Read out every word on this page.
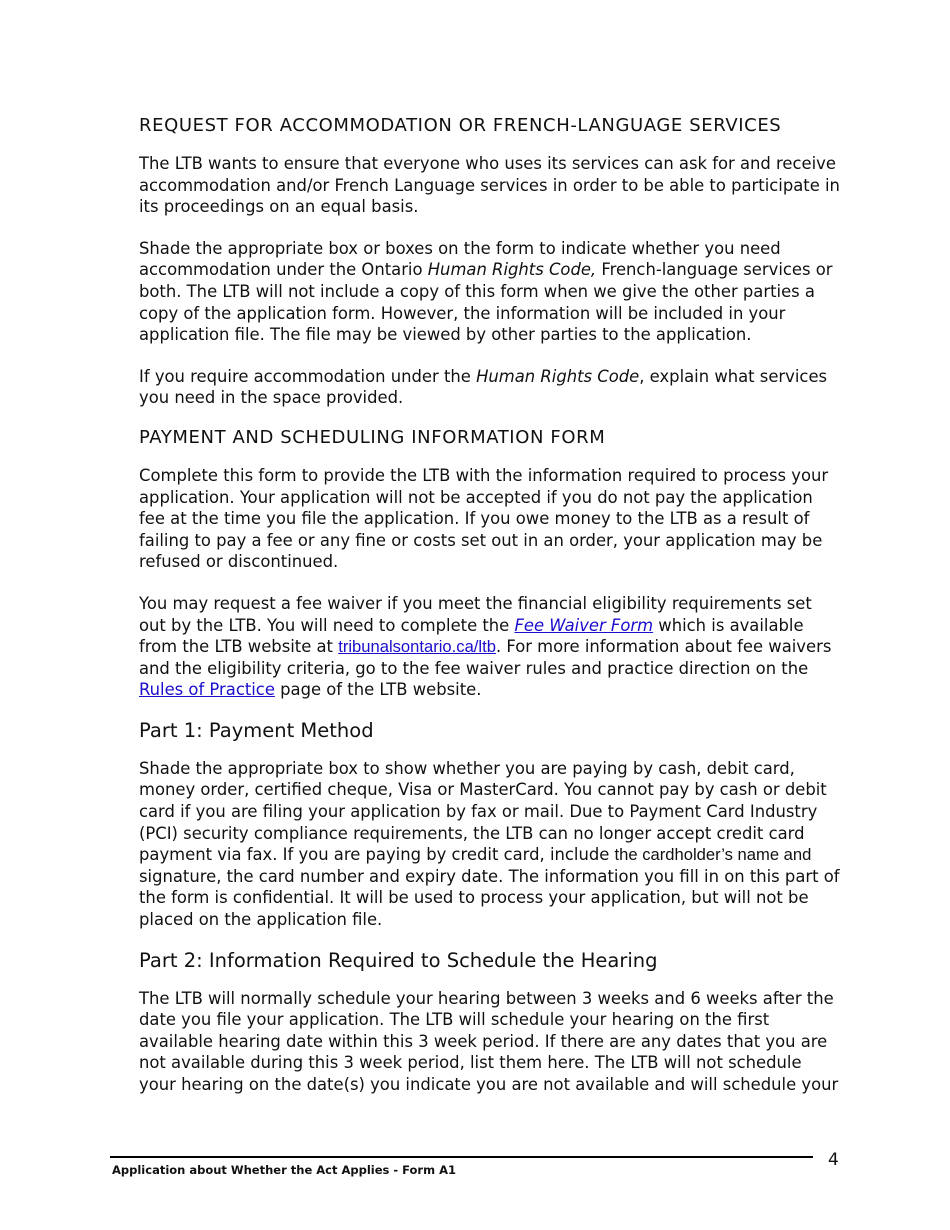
REQUEST FOR ACCOMMODATION OR FRENCH-LANGUAGE SERVICES

The LTB wants to ensure that everyone who uses its services can ask for and receive accommodation and/or French Language services in order to be able to participate in its proceedings on an equal basis.

Shade the appropriate box or boxes on the form to indicate whether you need accommodation under the Ontario Human Rights Code, French-language services or both. The LTB will not include a copy of this form when we give the other parties a copy of the application form. However, the information will be included in your application file. The file may be viewed by other parties to the application.

If you require accommodation under the Human Rights Code, explain what services you need in the space provided.

PAYMENT AND SCHEDULING INFORMATION FORM

Complete this form to provide the LTB with the information required to process your application. Your application will not be accepted if you do not pay the application fee at the time you file the application. If you owe money to the LTB as a result of failing to pay a fee or any fine or costs set out in an order, your application may be refused or discontinued.

You may request a fee waiver if you meet the financial eligibility requirements set out by the LTB. You will need to complete the Fee Waiver Form which is available from the LTB website at tribunalsontario.ca/ltb. For more information about fee waivers and the eligibility criteria, go to the fee waiver rules and practice direction on the Rules of Practice page of the LTB website.

Part 1: Payment Method

Shade the appropriate box to show whether you are paying by cash, debit card, money order, certified cheque, Visa or MasterCard. You cannot pay by cash or debit card if you are filing your application by fax or mail. Due to Payment Card Industry (PCI) security compliance requirements, the LTB can no longer accept credit card payment via fax. If you are paying by credit card, include the cardholder’s name and signature, the card number and expiry date. The information you fill in on this part of the form is confidential. It will be used to process your application, but will not be placed on the application file.

Part 2: Information Required to Schedule the Hearing

The LTB will normally schedule your hearing between 3 weeks and 6 weeks after the date you file your application. The LTB will schedule your hearing on the first available hearing date within this 3 week period. If there are any dates that you are not available during this 3 week period, list them here. The LTB will not schedule your hearing on the date(s) you indicate you are not available and will schedule your

4
Application about Whether the Act Applies - Form A1
